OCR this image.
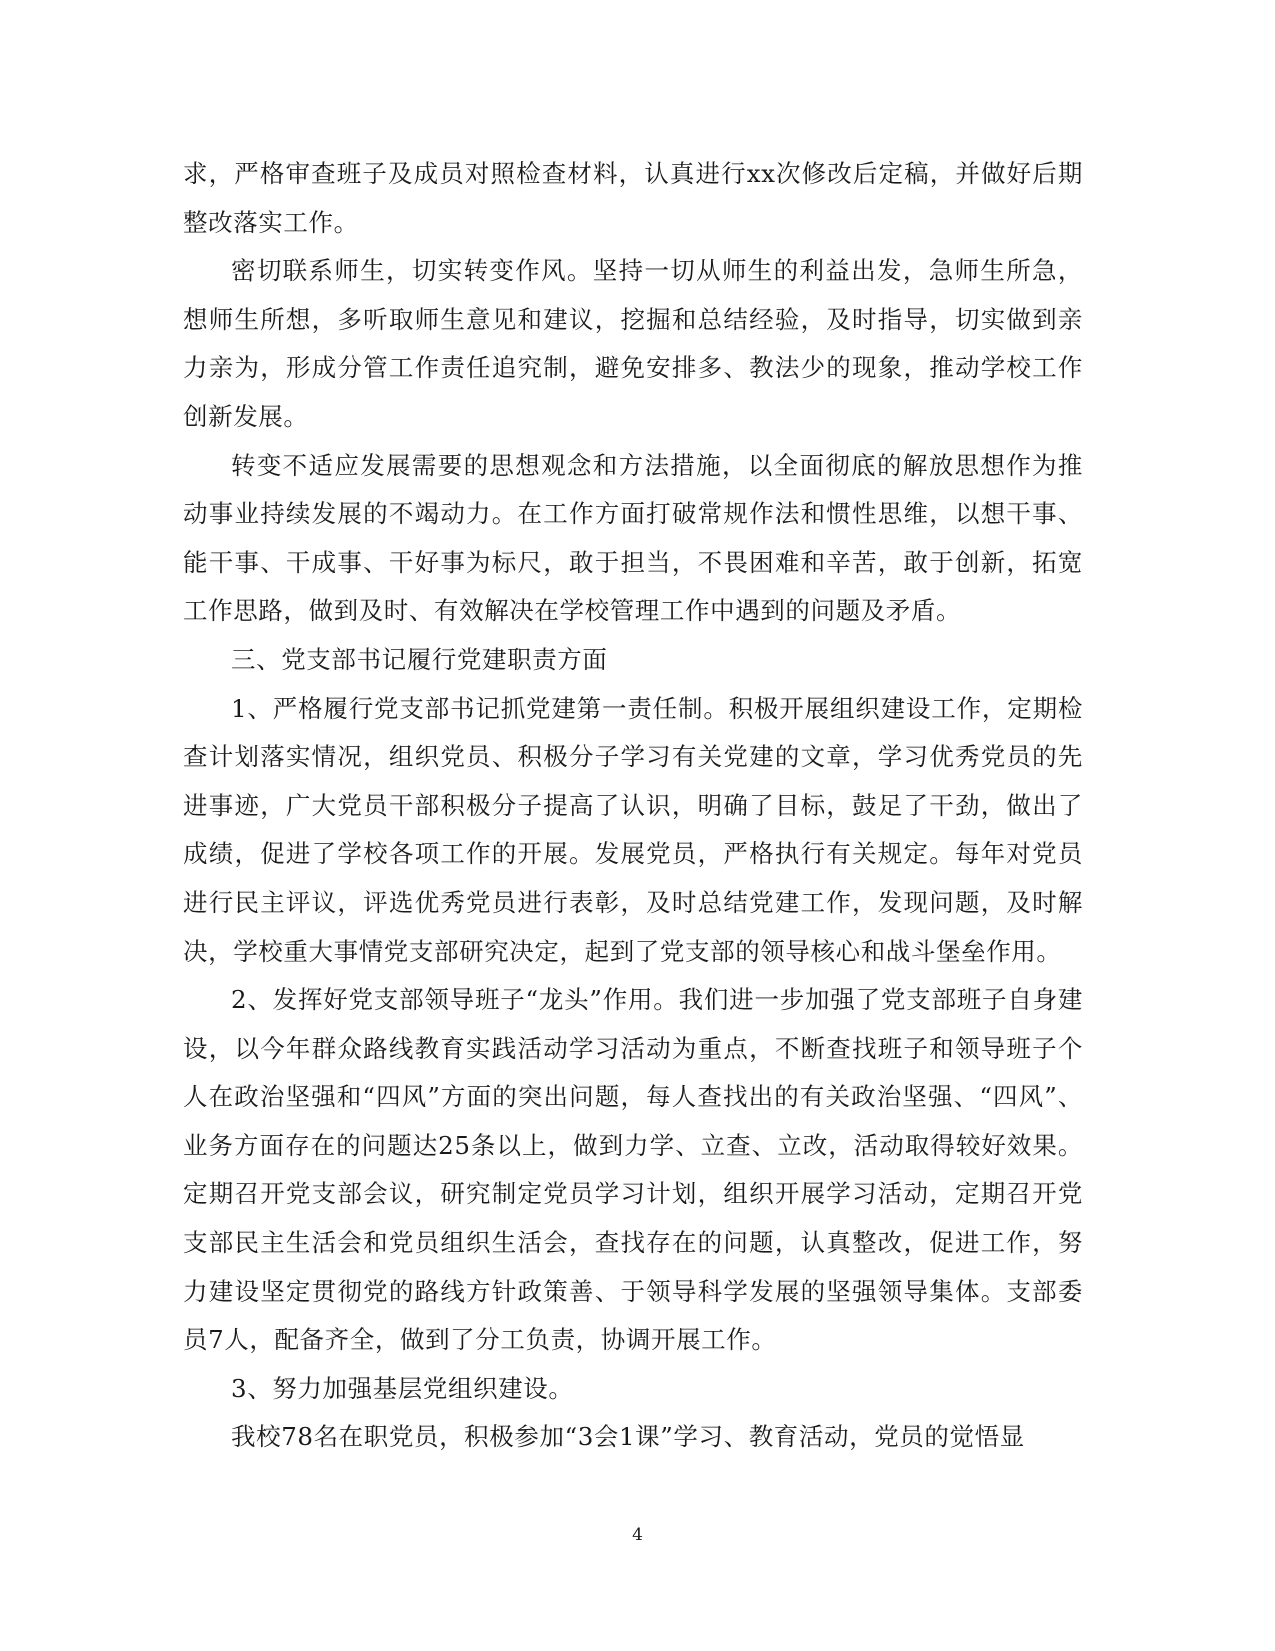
求，严格审查班子及成员对照检查材料，认真进行xx次修改后定稿，并做好后期整改落实工作。

密切联系师生，切实转变作风。坚持一切从师生的利益出发，急师生所急，想师生所想，多听取师生意见和建议，挖掘和总结经验，及时指导，切实做到亲力亲为，形成分管工作责任追究制，避免安排多、教法少的现象，推动学校工作创新发展。

转变不适应发展需要的思想观念和方法措施，以全面彻底的解放思想作为推动事业持续发展的不竭动力。在工作方面打破常规作法和惯性思维，以想干事、能干事、干成事、干好事为标尺，敢于担当，不畏困难和辛苦，敢于创新，拓宽工作思路，做到及时、有效解决在学校管理工作中遇到的问题及矛盾。

三、党支部书记履行党建职责方面

1、严格履行党支部书记抓党建第一责任制。积极开展组织建设工作，定期检查计划落实情况，组织党员、积极分子学习有关党建的文章，学习优秀党员的先进事迹，广大党员干部积极分子提高了认识，明确了目标，鼓足了干劲，做出了成绩，促进了学校各项工作的开展。发展党员，严格执行有关规定。每年对党员进行民主评议，评选优秀党员进行表彰，及时总结党建工作，发现问题，及时解决，学校重大事情党支部研究决定，起到了党支部的领导核心和战斗堡垒作用。

2、发挥好党支部领导班子“龙头”作用。我们进一步加强了党支部班子自身建设，以今年群众路线教育实践活动学习活动为重点，不断查找班子和领导班子个人在政治坚强和“四风”方面的突出问题，每人查找出的有关政治坚强、“四风”、业务方面存在的问题达25条以上，做到力学、立查、立改，活动取得较好效果。定期召开党支部会议，研究制定党员学习计划，组织开展学习活动，定期召开党支部民主生活会和党员组织生活会，查找存在的问题，认真整改，促进工作，努力建设坚定贯彻党的路线方针政策善、于领导科学发展的坚强领导集体。支部委员7人，配备齐全，做到了分工负责，协调开展工作。

3、努力加强基层党组织建设。

我校78名在职党员，积极参加“3会1课”学习、教育活动，党员的觉悟显

4
